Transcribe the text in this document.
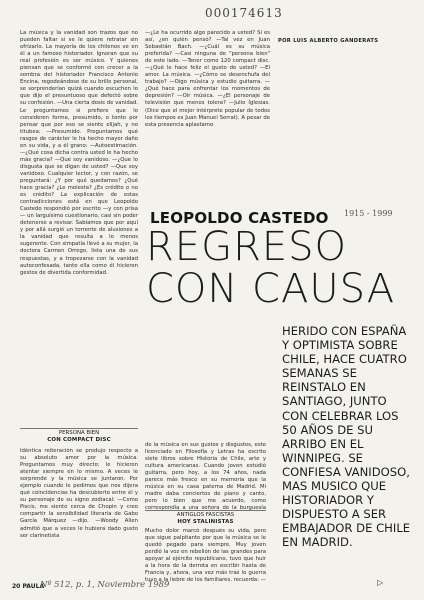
000174613
POR LUIS ALBERTO GANDERATS

La música y la vanidad son trazos que no pueden faltar si se le quiere retratar sin ofrizarlo. La mayoría de los chilenos ve en él a un famoso historiador. Ignoran que su real profesión es ser músico. Y quienes piensan que se conformó con crecer a la sombra del historiador Francisco Antonio Encina, regodeándose de su brillo personal, se sorprenderían quizá cuando escuchen lo que dijo el presuntuoso que defectó sobre su confesión. —Una cierta dosis de vanidad. Le preguntamos si prefiere que lo consideren forme, presumido, o tonto por pensar que por eso se siente elijah, y no titubea: —Presumido. Preguntamos qué rasgos de carácter le ha hecho mayor daño en su vida, y a él grano: —Autoestimación. —¿Qué cosa dicha contra usted le ha hecho más gracia? —Que soy vanidoso. —¿Que lo disgusta que se digan de usted? —Que soy vanidoso. Cualquier lector, y con razón, se preguntará: ¿Y por qué quedamos? ¿Qué hace gracia? ¿Le molesta? ¿Es crédito o no es crédito? La explicación de estas contradicciones está en que Leopoldo Castedo respondió por escrito —y con prisa— un larguísimo cuestionario, casi sin poder detenerse a revisar. Sabíamos que por aquí y por allá surgió un torrente de alusiones a la vanidad que resulta a lo menos sugerente. Con simpatía llevó a su mujer, la doctora Carmen Orrego, lista una de sus respuestas, y a tropezarse con la vanidad autoconfesada, tanto ella como él hicieron gestos de divertida conformidad.

—¿Le ha ocurrido algo parecido a usted? Si es así, ¿en quién pensó? —Tal vez en Juan Sebastián Bach. —¿Cuál es su música preferida? —Casi ninguna de "persona bien" de este lado. —Tener como 120 compact disc. —¿Qué le hace feliz el gusto de usted? —El amor. La música. —¿Cómo se desenchufa del trabajo? —Oigo música y estudio guitarra. —¿Qué hace para enfrentar los momentos de depresión? —Oír música. —¿El personaje de televisión que menos tolera? —Julio Iglesias. (Dice que el mejor intérprete popular de todos los tiempos es Juan Manuel Serrat). A pesar de esta presencia aplastamo

LEOPOLDO CASTEDO 1915 - 1999
REGRESO
CON CAUSA
HERIDO CON ESPAÑA Y OPTIMISTA SOBRE CHILE, HACE CUATRO SEMANAS SE REINSTALO EN SANTIAGO, JUNTO CON CELEBRAR LOS 50 AÑOS DE SU ARRIBO EN EL WINNIPEG. SE CONFIESA VANIDOSO, MAS MUSICO QUE HISTORIADOR Y DISPUESTO A SER EMBAJADOR DE CHILE EN MADRID.

de la música en sus gustos y disgustos, este licenciado en Filosofía y Letras ha escrito siete libros sobre Historia de Chile, arte y cultura americanas. Cuando joven estudió guitarra, pero hoy, a los 74 años, nada parece más fresco en su memoria que la música en su casa paterna de Madrid. Mi madre daba conciertos de piano y canto, pero lo bien que me acuerdo, como correspondía a una señora de la burguesía

PERSONA BIEN
CON COMPACT DISC

Idéntica reiteración se produjo respecto a su absoluto amor por la música. Preguntamos muy directo: le hicieron atentar siempre en lo mismo. A veces le sorprende y la música se juntaron. Por ejemplo cuando le pedimos que nos dijera qué coincidencias ha descubierto entre él y su personaje de su signo zodiacal: —Como Piscis, me siento cerca de Chopin y creo compartir la sensibilidad literaria de Gabo García Márquez —dijo. —Woody Allen admitió que a veces le hubiera dado gusto ser clarinetista

ANTIGLOS FASCISTAS
HOY STALINISTAS

Mucho dolor marcó después su vida, pero que sigue palpitante por que la música se le quedó pegado para siempre. Muy joven perdió la voz en rebelión de las grandes para apoyar al ejército republicano, tuvo que huir a la hora de la derrota en escribir hasta de Francia y, ahora, una vez más tras lo guerra tuvo a la liebre de los familiares, recuerda: —	▷
20 PAULA
Nº 512, p. 1, Noviembre 1989
